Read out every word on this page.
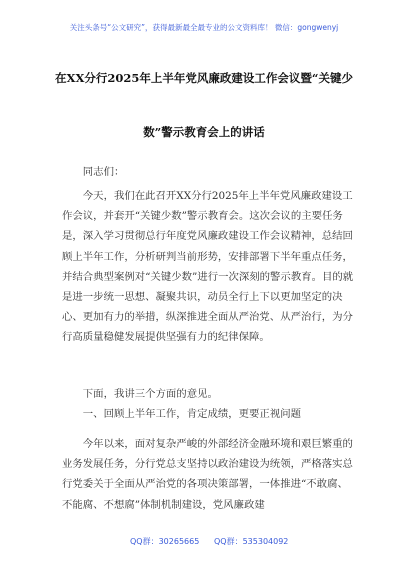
关注头条号“公文研究”，获得最新最全最专业的公文资料库！ 微信：gongwenyj
在XX分行2025年上半年党风廉政建设工作会议暨“关键少
数”警示教育会上的讲话
同志们：
今天，我们在此召开XX分行2025年上半年党风廉政建设工作会议，并套开“关键少数”警示教育会。这次会议的主要任务是，深入学习贯彻总行年度党风廉政建设工作会议精神，总结回顾上半年工作，分析研判当前形势，安排部署下半年重点任务，并结合典型案例对“关键少数”进行一次深刻的警示教育。目的就是进一步统一思想、凝聚共识，动员全行上下以更加坚定的决心、更加有力的举措，纵深推进全面从严治党、从严治行，为分行高质量稳健发展提供坚强有力的纪律保障。
下面，我讲三个方面的意见。
一、回顾上半年工作，肯定成绩，更要正视问题
今年以来，面对复杂严峻的外部经济金融环境和艰巨繁重的业务发展任务，分行党总支坚持以政治建设为统领，严格落实总行党委关于全面从严治党的各项决策部署，一体推进“不敢腐、不能腐、不想腐”体制机制建设，党风廉政建
QQ群：30265665 QQ群：535304092
